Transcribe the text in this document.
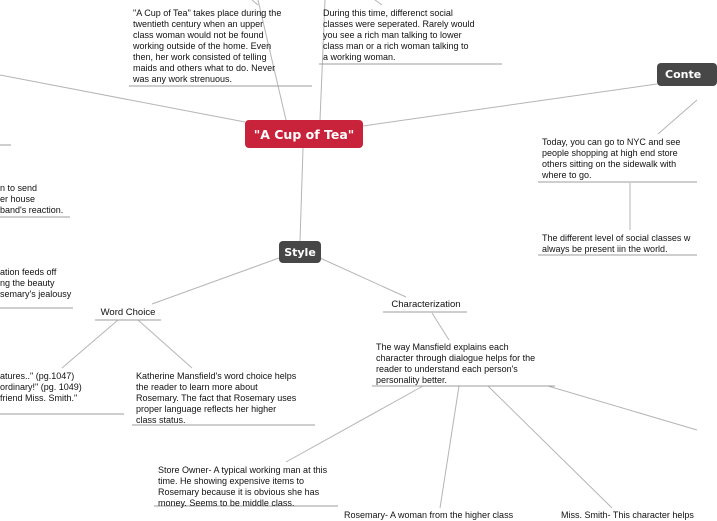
"A Cup of Tea"
Style
Conte
Word Choice
Characterization
"A Cup of Tea" takes place during the
twentieth century when an upper
class woman would not be found
working outside of the home. Even
then, her work consisted of telling
maids and others what to do. Never
was any work strenuous.
During this time, differenct social
classes were seperated. Rarely would
you see a rich man talking to lower
class man or a rich woman talking to
a working woman.
Today, you can go to NYC and see
people shopping at high end store
others sitting on the sidewalk with
where to go.
The different level of social classes w
always be present iin the world.
n to send
er house
band's reaction.
ation feeds off
ng the beauty
semary's jealousy
atures.." (pg.1047)
ordinary!" (pg. 1049)
friend Miss. Smith."
Katherine Mansfield's word choice helps
the reader to learn more about
Rosemary. The fact that Rosemary uses
proper language reflects her higher
class status.
The way Mansfield explains each
character through dialogue helps for the
reader to understand each person's
personality better.
Store Owner- A typical working man at this
time. He showing expensive items to
Rosemary because it is obvious she has
money. Seems to be middle class.
Rosemary- A woman from the higher class	Miss. Smith- This character helps
